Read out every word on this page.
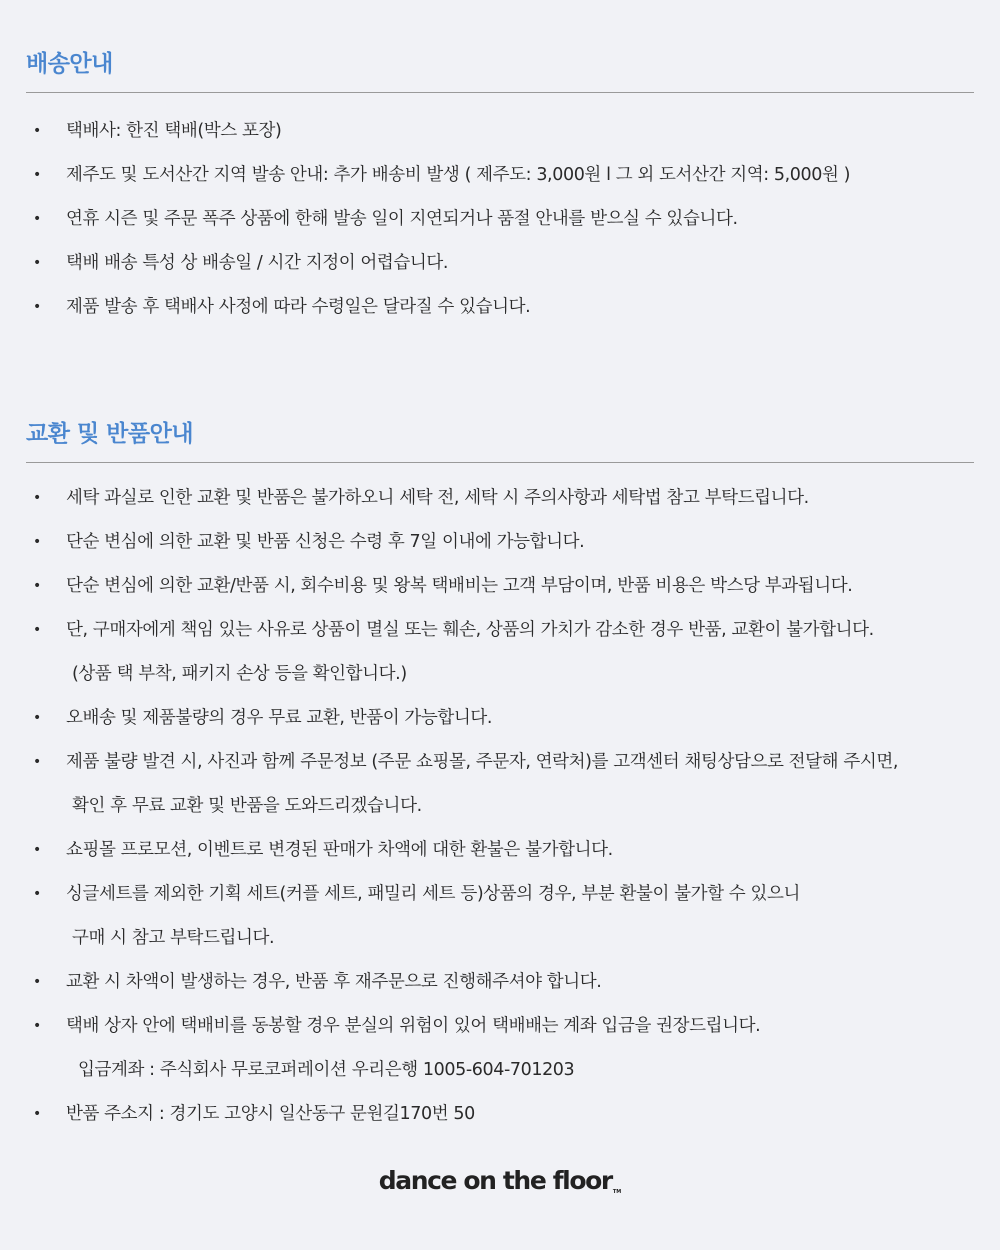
배송안내
• 택배사: 한진 택배(박스 포장)
• 제주도 및 도서산간 지역 발송 안내: 추가 배송비 발생 ( 제주도: 3,000원 l 그 외 도서산간 지역: 5,000원 )
• 연휴 시즌 및 주문 폭주 상품에 한해 발송 일이 지연되거나 품절 안내를 받으실 수 있습니다.
• 택배 배송 특성 상 배송일 / 시간 지정이 어렵습니다.
• 제품 발송 후 택배사 사정에 따라 수령일은 달라질 수 있습니다.
교환 및 반품안내
• 세탁 과실로 인한 교환 및 반품은 불가하오니 세탁 전, 세탁 시 주의사항과 세탁법 참고 부탁드립니다.
• 단순 변심에 의한 교환 및 반품 신청은 수령 후 7일 이내에 가능합니다.
• 단순 변심에 의한 교환/반품 시, 회수비용 및 왕복 택배비는 고객 부담이며, 반품 비용은 박스당 부과됩니다.
• 단, 구매자에게 책임 있는 사유로 상품이 멸실 또는 훼손, 상품의 가치가 감소한 경우 반품, 교환이 불가합니다.
(상품 택 부착, 패키지 손상 등을 확인합니다.)
• 오배송 및 제품불량의 경우 무료 교환, 반품이 가능합니다.
• 제품 불량 발견 시, 사진과 함께 주문정보 (주문 쇼핑몰, 주문자, 연락처)를 고객센터 채팅상담으로 전달해 주시면,
확인 후 무료 교환 및 반품을 도와드리겠습니다.
• 쇼핑몰 프로모션, 이벤트로 변경된 판매가 차액에 대한 환불은 불가합니다.
• 싱글세트를 제외한 기획 세트(커플 세트, 패밀리 세트 등)상품의 경우, 부분 환불이 불가할 수 있으니
구매 시 참고 부탁드립니다.
• 교환 시 차액이 발생하는 경우, 반품 후 재주문으로 진행해주셔야 합니다.
• 택배 상자 안에 택배비를 동봉할 경우 분실의 위험이 있어 택배배는 계좌 입금을 권장드립니다.
입금계좌 : 주식회사 무로코퍼레이션 우리은행 1005-604-701203
• 반품 주소지 : 경기도 고양시 일산동구 문원길170번 50
dance on the floorTM
